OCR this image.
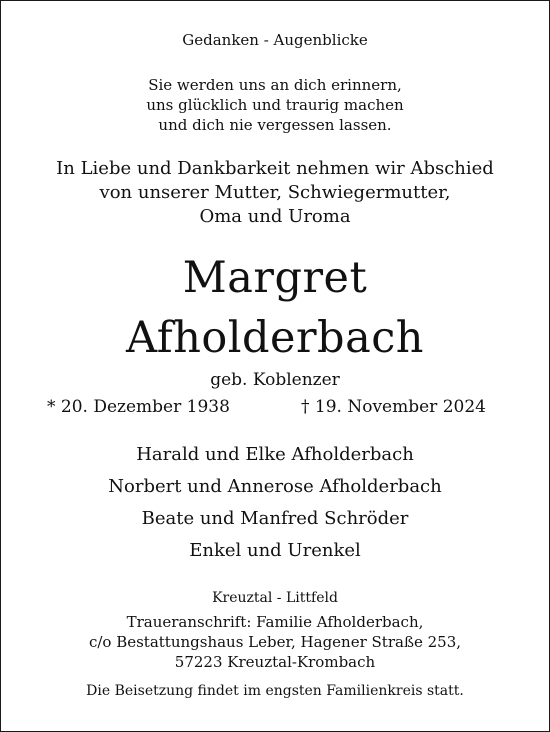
Gedanken - Augenblicke
Sie werden uns an dich erinnern,
uns glücklich und traurig machen
und dich nie vergessen lassen.
In Liebe und Dankbarkeit nehmen wir Abschied
von unserer Mutter, Schwiegermutter,
Oma und Uroma
Margret
Afholderbach
geb. Koblenzer
* 20. Dezember 1938	† 19. November 2024
Harald und Elke Afholderbach
Norbert und Annerose Afholderbach
Beate und Manfred Schröder
Enkel und Urenkel
Kreuztal - Littfeld
Traueranschrift: Familie Afholderbach,
c/o Bestattungshaus Leber, Hagener Straße 253,
57223 Kreuztal-Krombach
Die Beisetzung findet im engsten Familienkreis statt.
